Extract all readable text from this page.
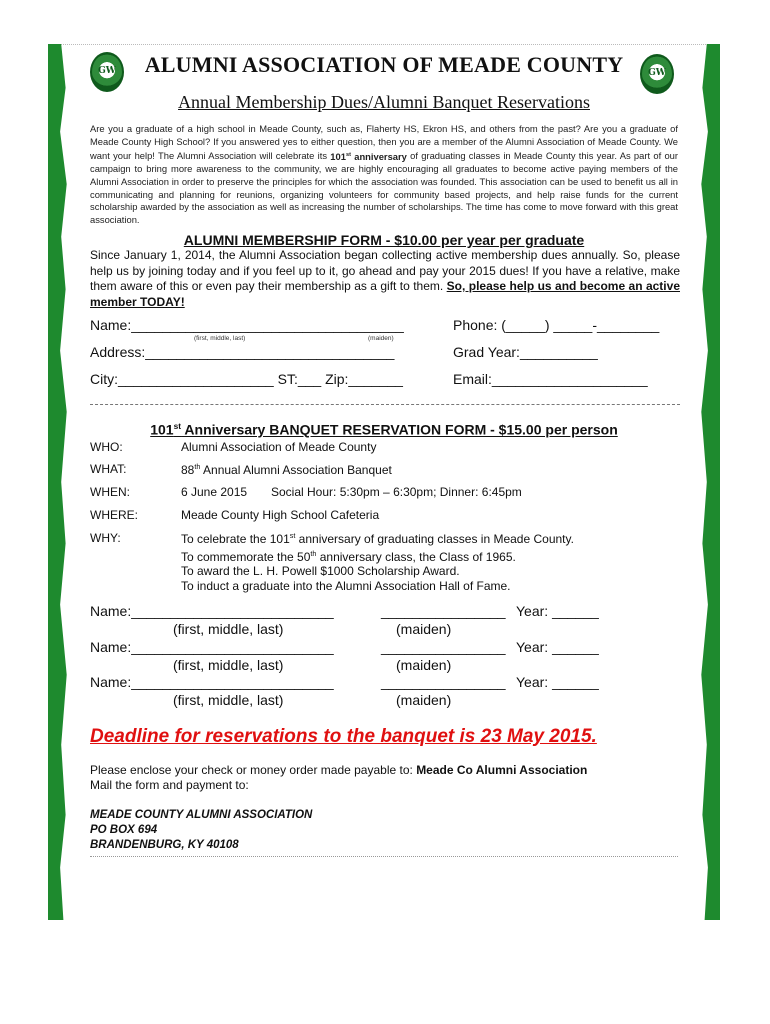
GW
GW
ALUMNI ASSOCIATION OF MEADE COUNTY
Annual Membership Dues/Alumni Banquet Reservations
Are you a graduate of a high school in Meade County, such as, Flaherty HS, Ekron HS, and others from the past? Are you a graduate of Meade County High School? If you answered yes to either question, then you are a member of the Alumni Association of Meade County. We want your help! The Alumni Association will celebrate its 101st anniversary of graduating classes in Meade County this year. As part of our campaign to bring more awareness to the community, we are highly encouraging all graduates to become active paying members of the Alumni Association in order to preserve the principles for which the association was founded. This association can be used to benefit us all in communicating and planning for reunions, organizing volunteers for community based projects, and help raise funds for the current scholarship awarded by the association as well as increasing the number of scholarships. The time has come to move forward with this great association.
ALUMNI MEMBERSHIP FORM - $10.00 per year per graduate
Since January 1, 2014, the Alumni Association began collecting active membership dues annually. So, please help us by joining today and if you feel up to it, go ahead and pay your 2015 dues! If you have a relative, make them aware of this or even pay their membership as a gift to them. So, please help us and become an active member TODAY!
Name:___________________________________	Phone: (_____) _____-________
(first, middle, last)	(maiden)
Address:________________________________	Grad Year:__________
City:____________________ ST:___ Zip:_______	Email:____________________
101st Anniversary BANQUET RESERVATION FORM - $15.00 per person
WHO:	Alumni Association of Meade County
WHAT:	88th Annual Alumni Association Banquet
WHEN:	6 June 2015 Social Hour: 5:30pm – 6:30pm; Dinner: 6:45pm
WHERE:	Meade County High School Cafeteria
WHY:	To celebrate the 101st anniversary of graduating classes in Meade County.
To commemorate the 50th anniversary class, the Class of 1965.
To award the L. H. Powell $1000 Scholarship Award.
To induct a graduate into the Alumni Association Hall of Fame.
Name:__________________________	________________ Year: ______
(first, middle, last)	(maiden)
Name:__________________________	________________ Year: ______
(first, middle, last)	(maiden)
Name:__________________________	________________ Year: ______
(first, middle, last)	(maiden)
Deadline for reservations to the banquet is 23 May 2015.
Please enclose your check or money order made payable to: Meade Co Alumni Association
Mail the form and payment to:
MEADE COUNTY ALUMNI ASSOCIATION
PO BOX 694
BRANDENBURG, KY 40108
